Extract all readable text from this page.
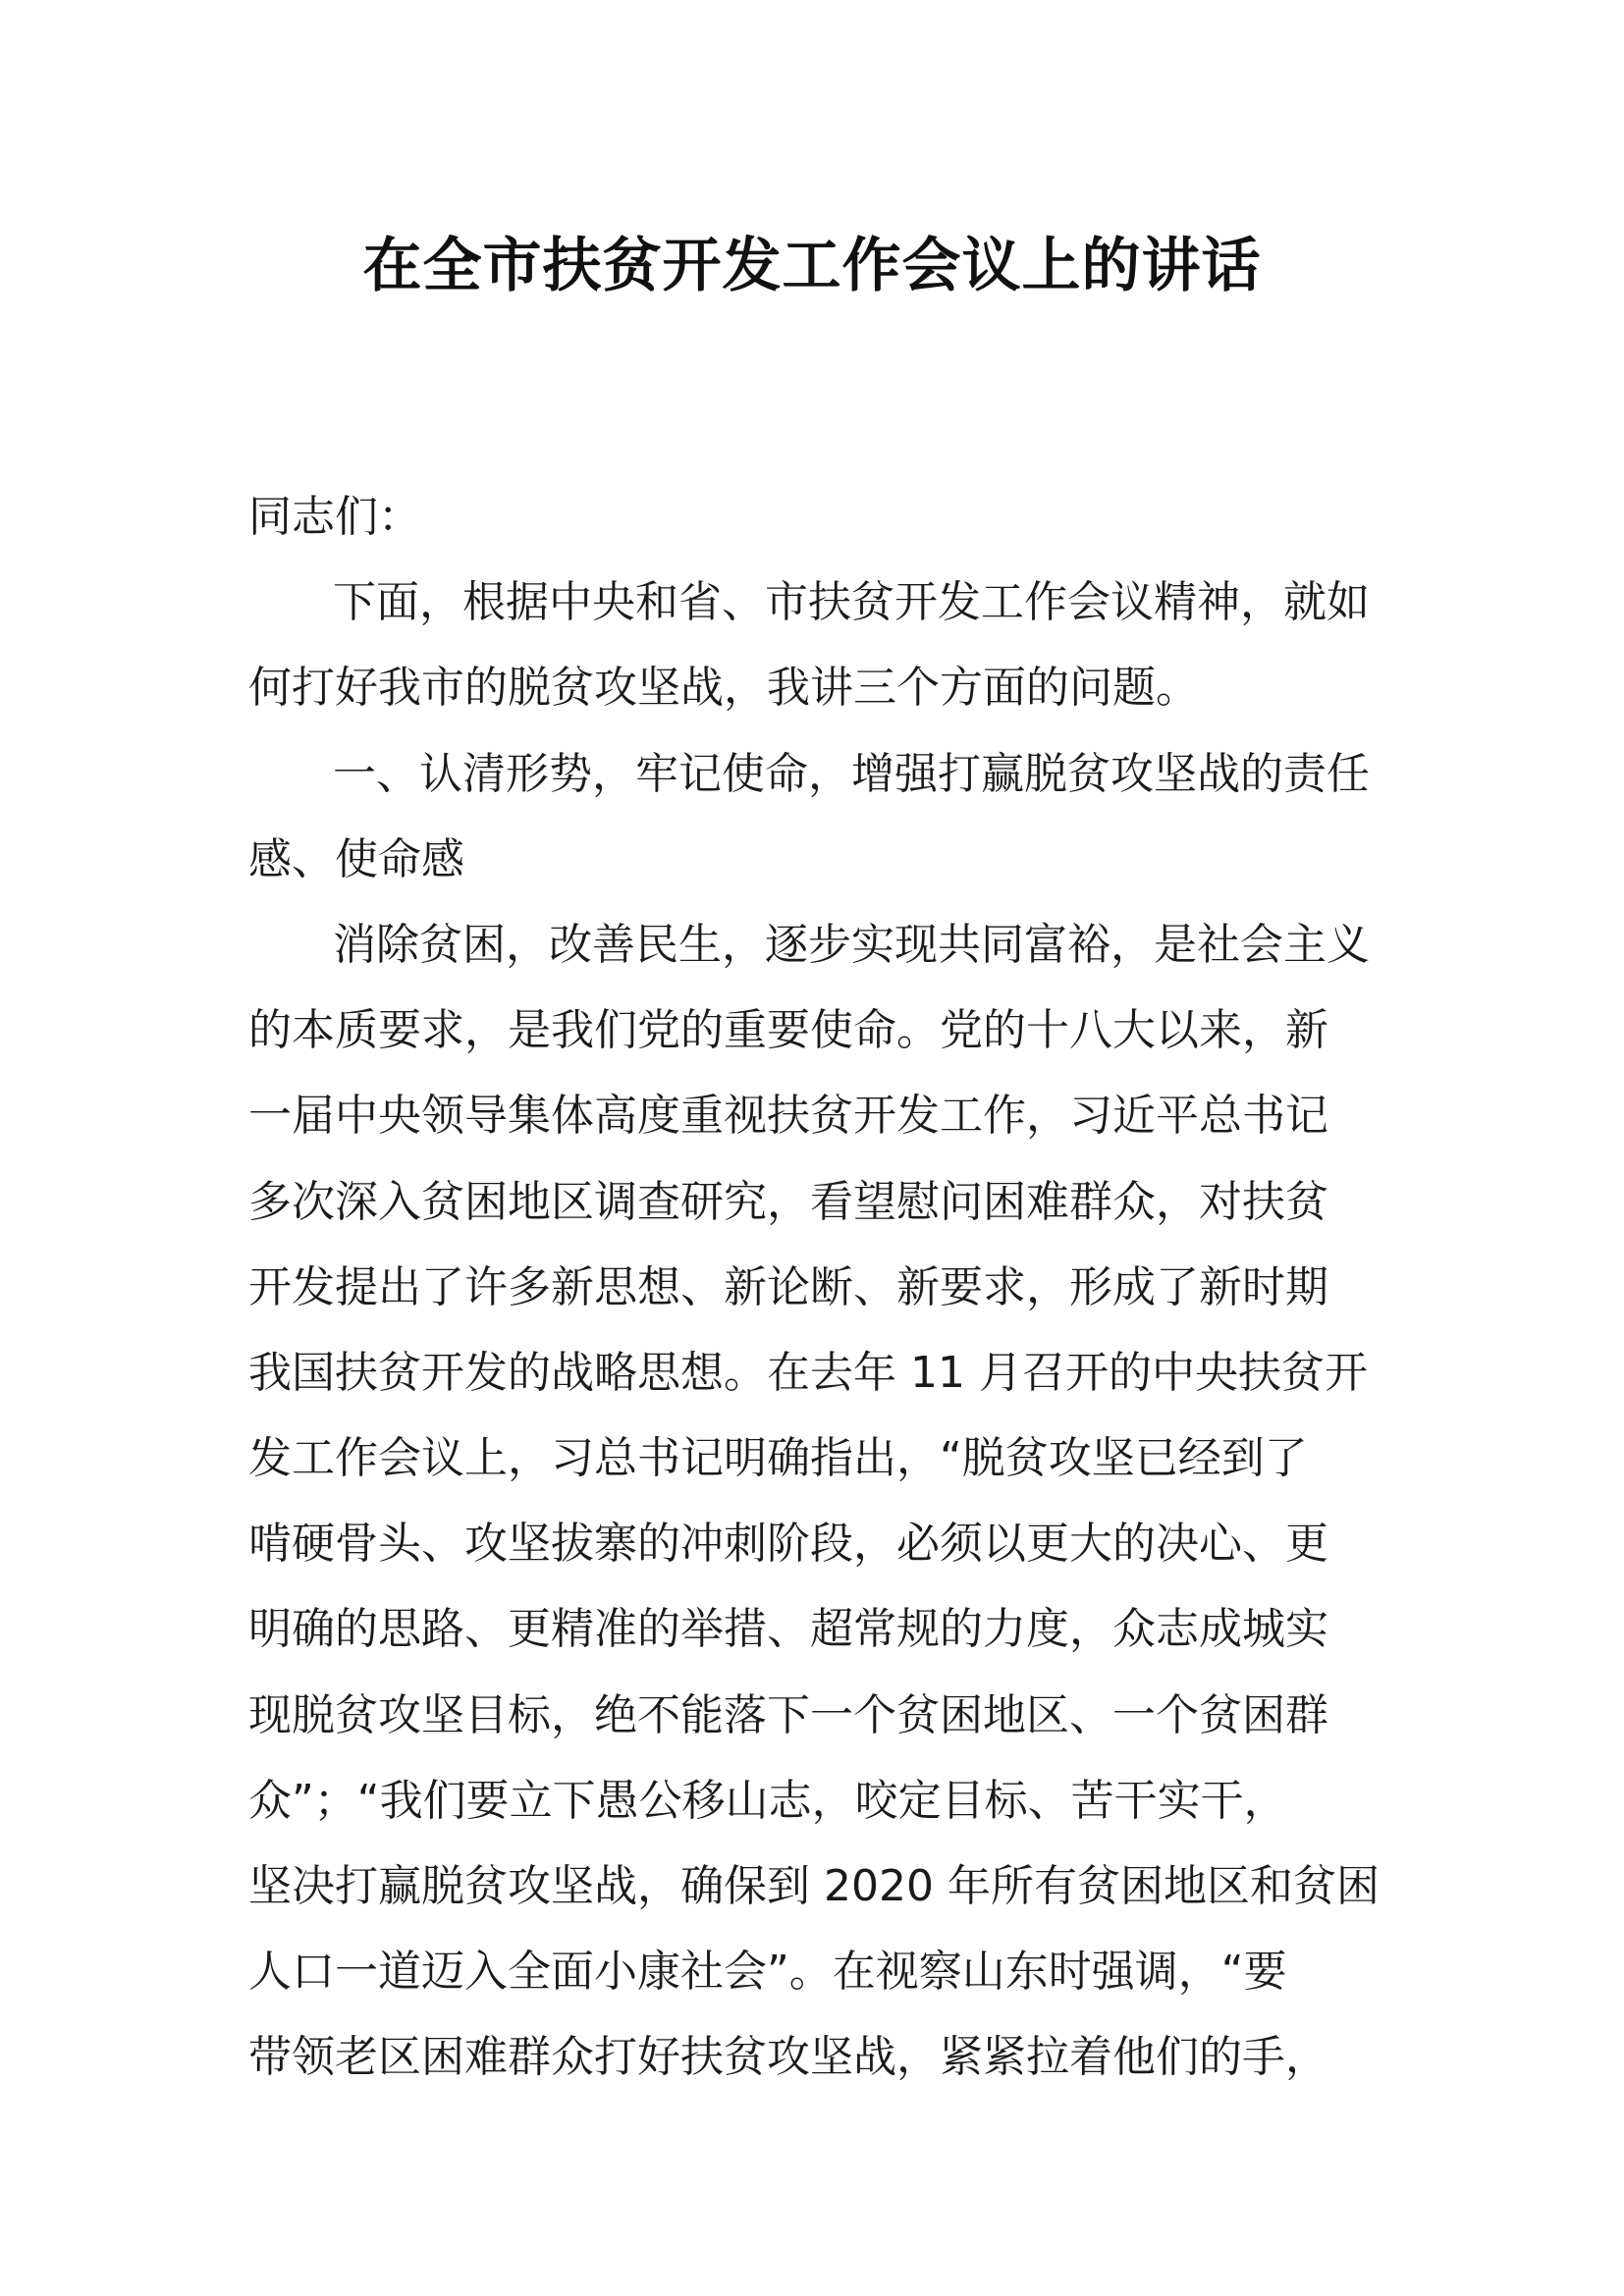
在全市扶贫开发工作会议上的讲话
同志们：
下面，根据中央和省、市扶贫开发工作会议精神，就如
何打好我市的脱贫攻坚战，我讲三个方面的问题。
一、认清形势，牢记使命，增强打赢脱贫攻坚战的责任
感、使命感
消除贫困，改善民生，逐步实现共同富裕，是社会主义
的本质要求，是我们党的重要使命。党的十八大以来，新
一届中央领导集体高度重视扶贫开发工作，习近平总书记
多次深入贫困地区调查研究，看望慰问困难群众，对扶贫
开发提出了许多新思想、新论断、新要求，形成了新时期
我国扶贫开发的战略思想。在去年 11 月召开的中央扶贫开
发工作会议上，习总书记明确指出，“脱贫攻坚已经到了
啃硬骨头、攻坚拔寨的冲刺阶段，必须以更大的决心、更
明确的思路、更精准的举措、超常规的力度，众志成城实
现脱贫攻坚目标，绝不能落下一个贫困地区、一个贫困群
众”；“我们要立下愚公移山志，咬定目标、苦干实干，
坚决打赢脱贫攻坚战，确保到 2020 年所有贫困地区和贫困
人口一道迈入全面小康社会”。在视察山东时强调，“要
带领老区困难群众打好扶贫攻坚战，紧紧拉着他们的手，
